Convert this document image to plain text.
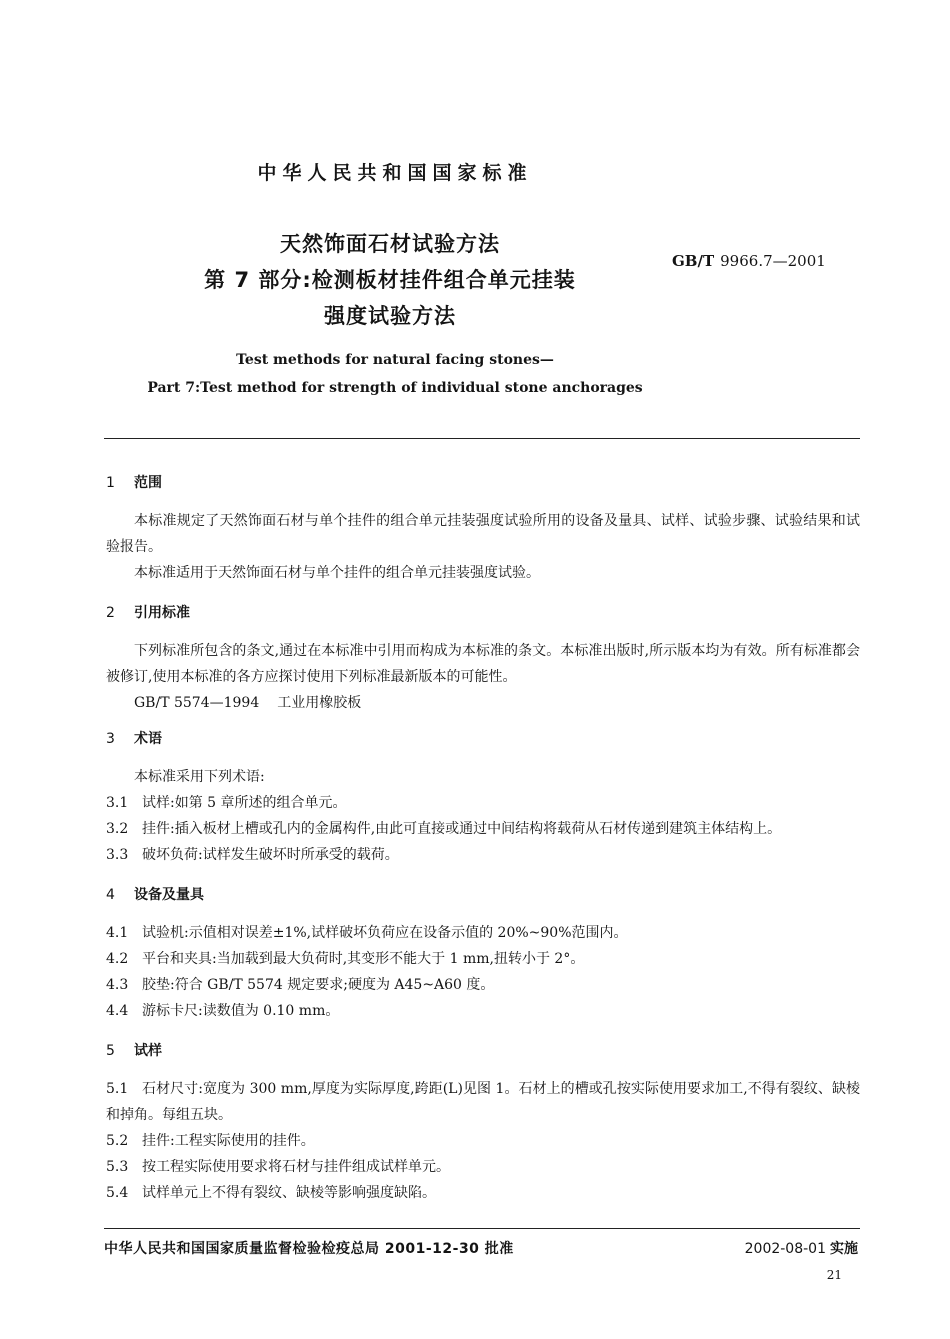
中华人民共和国国家标准
天然饰面石材试验方法
第 7 部分:检测板材挂件组合单元挂装
强度试验方法
GB/T 9966.7—2001
Test methods for natural facing stones—
Part 7:Test method for strength of individual stone anchorages
1 范围

本标准规定了天然饰面石材与单个挂件的组合单元挂装强度试验所用的设备及量具、试样、试验步骤、试验结果和试验报告。

本标准适用于天然饰面石材与单个挂件的组合单元挂装强度试验。

2 引用标准

下列标准所包含的条文,通过在本标准中引用而构成为本标准的条文。本标准出版时,所示版本均为有效。所有标准都会被修订,使用本标准的各方应探讨使用下列标准最新版本的可能性。

GB/T 5574—1994 工业用橡胶板

3 术语

本标准采用下列术语:

3.1 试样:如第 5 章所述的组合单元。

3.2 挂件:插入板材上槽或孔内的金属构件,由此可直接或通过中间结构将载荷从石材传递到建筑主体结构上。

3.3 破坏负荷:试样发生破坏时所承受的载荷。

4 设备及量具

4.1 试验机:示值相对误差±1%,试样破坏负荷应在设备示值的 20%~90%范围内。

4.2 平台和夹具:当加载到最大负荷时,其变形不能大于 1 mm,扭转小于 2°。

4.3 胶垫:符合 GB/T 5574 规定要求;硬度为 A45~A60 度。

4.4 游标卡尺:读数值为 0.10 mm。

5 试样

5.1 石材尺寸:宽度为 300 mm,厚度为实际厚度,跨距(L)见图 1。石材上的槽或孔按实际使用要求加工,不得有裂纹、缺棱和掉角。每组五块。

5.2 挂件:工程实际使用的挂件。

5.3 按工程实际使用要求将石材与挂件组成试样单元。

5.4 试样单元上不得有裂纹、缺棱等影响强度缺陷。

中华人民共和国国家质量监督检验检疫总局 2001-12-30 批准	2002-08-01 实施
21
